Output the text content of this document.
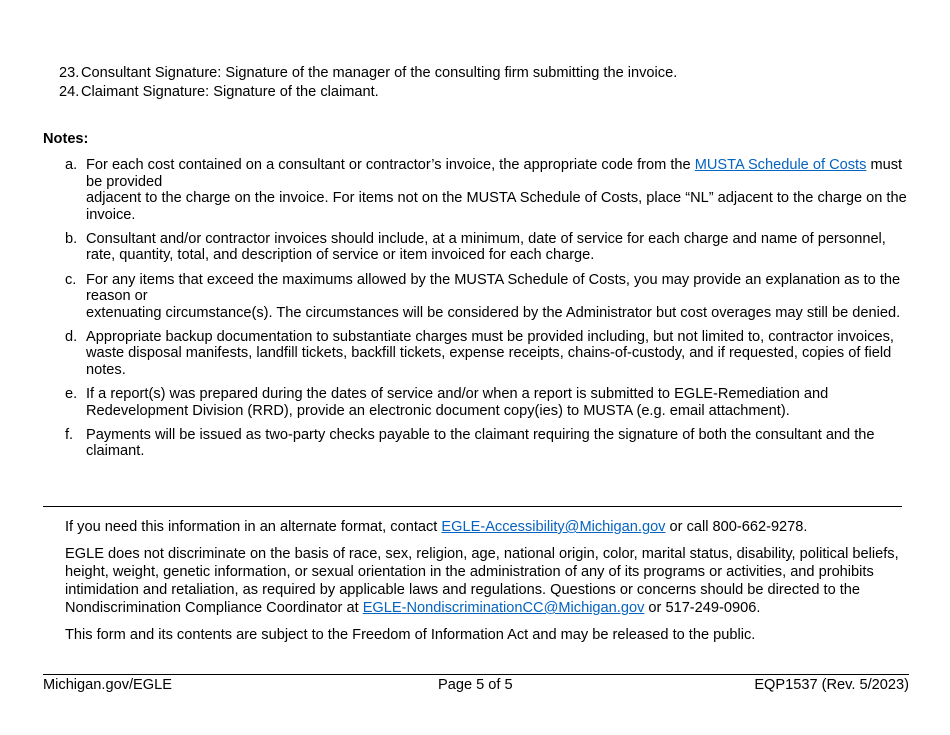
23. Consultant Signature: Signature of the manager of the consulting firm submitting the invoice.
24. Claimant Signature: Signature of the claimant.
Notes:
a. For each cost contained on a consultant or contractor’s invoice, the appropriate code from the MUSTA Schedule of Costs must be provided
adjacent to the charge on the invoice. For items not on the MUSTA Schedule of Costs, place “NL” adjacent to the charge on the invoice.
b. Consultant and/or contractor invoices should include, at a minimum, date of service for each charge and name of personnel, rate, quantity, total, and description of service or item invoiced for each charge.
c. For any items that exceed the maximums allowed by the MUSTA Schedule of Costs, you may provide an explanation as to the reason or
extenuating circumstance(s). The circumstances will be considered by the Administrator but cost overages may still be denied.
d. Appropriate backup documentation to substantiate charges must be provided including, but not limited to, contractor invoices, waste disposal manifests, landfill tickets, backfill tickets, expense receipts, chains-of-custody, and if requested, copies of field notes.
e. If a report(s) was prepared during the dates of service and/or when a report is submitted to EGLE-Remediation and Redevelopment Division (RRD), provide an electronic document copy(ies) to MUSTA (e.g. email attachment).
f. Payments will be issued as two-party checks payable to the claimant requiring the signature of both the consultant and the claimant.

If you need this information in an alternate format, contact EGLE-Accessibility@Michigan.gov or call 800-662-9278.

EGLE does not discriminate on the basis of race, sex, religion, age, national origin, color, marital status, disability, political beliefs, height, weight, genetic information, or sexual orientation in the administration of any of its programs or activities, and prohibits intimidation and retaliation, as required by applicable laws and regulations. Questions or concerns should be directed to the Nondiscrimination Compliance Coordinator at EGLE-NondiscriminationCC@Michigan.gov or 517-249-0906.

This form and its contents are subject to the Freedom of Information Act and may be released to the public.

Michigan.gov/EGLE	Page 5 of 5	EQP1537 (Rev. 5/2023)
